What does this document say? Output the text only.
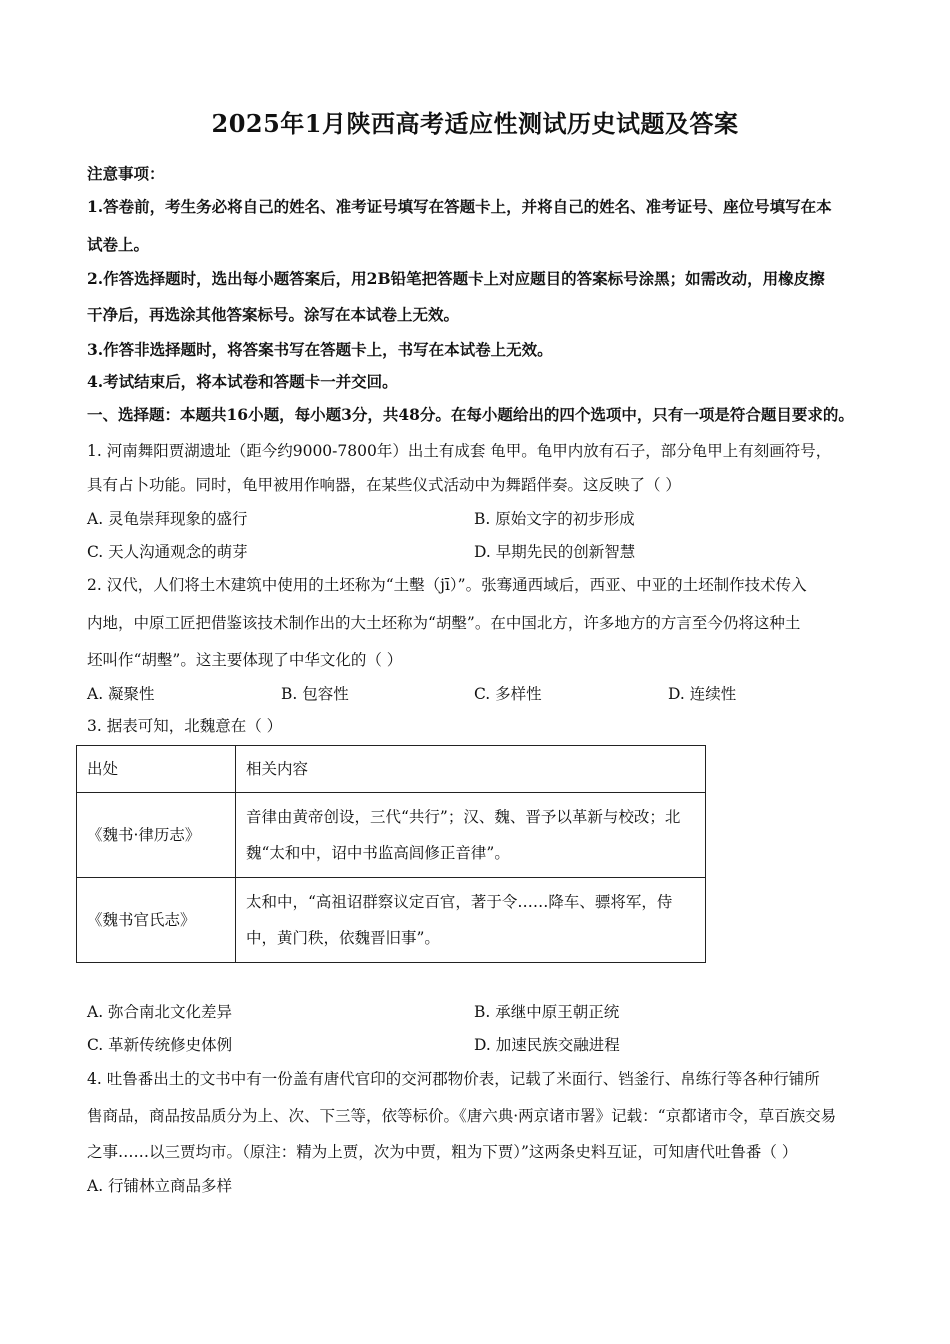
2025年1月陕西高考适应性测试历史试题及答案
注意事项：
1.答卷前，考生务必将自己的姓名、准考证号填写在答题卡上，并将自己的姓名、准考证号、座位号填写在本
试卷上。
2.作答选择题时，选出每小题答案后，用2B铅笔把答题卡上对应题目的答案标号涂黑；如需改动，用橡皮擦
干净后，再选涂其他答案标号。涂写在本试卷上无效。
3.作答非选择题时，将答案书写在答题卡上，书写在本试卷上无效。
4.考试结束后，将本试卷和答题卡一并交回。
一、选择题：本题共16小题，每小题3分，共48分。在每小题给出的四个选项中，只有一项是符合题目要求的。
1. 河南舞阳贾湖遗址（距今约9000-7800年）出土有成套 龟甲。龟甲内放有石子，部分龟甲上有刻画符号，
具有占卜功能。同时，龟甲被用作响器，在某些仪式活动中为舞蹈伴奏。这反映了（ ）
A. 灵龟崇拜现象的盛行	B. 原始文字的初步形成
C. 天人沟通观念的萌芽	D. 早期先民的创新智慧
2. 汉代，人们将土木建筑中使用的土坯称为“土墼（jī）”。张骞通西域后，西亚、中亚的土坯制作技术传入
内地，中原工匠把借鉴该技术制作出的大土坯称为“胡墼”。在中国北方，许多地方的方言至今仍将这种土
坯叫作“胡墼”。这主要体现了中华文化的（ ）
A. 凝聚性	B. 包容性	C. 多样性	D. 连续性
3. 据表可知，北魏意在（ ）
出处	相关内容
《魏书·律历志》	音律由黄帝创设，三代“共行”；汉、魏、晋予以革新与校改；北
魏“太和中，诏中书监高闾修正音律”。

《魏书官氏志》	太和中，“高祖诏群察议定百官，著于令……降车、骠将军，侍
中，黄门秩，依魏晋旧事”。
A. 弥合南北文化差异	B. 承继中原王朝正统
C. 革新传统修史体例	D. 加速民族交融进程
4. 吐鲁番出土的文书中有一份盖有唐代官印的交河郡物价表，记载了米面行、铛釜行、帛练行等各种行铺所
售商品，商品按品质分为上、次、下三等，依等标价。《唐六典·两京诸市署》记载：“京都诸市令，草百族交易
之事……以三贾均市。（原注：精为上贾，次为中贾，粗为下贾）”这两条史料互证，可知唐代吐鲁番（ ）
A. 行铺林立商品多样
